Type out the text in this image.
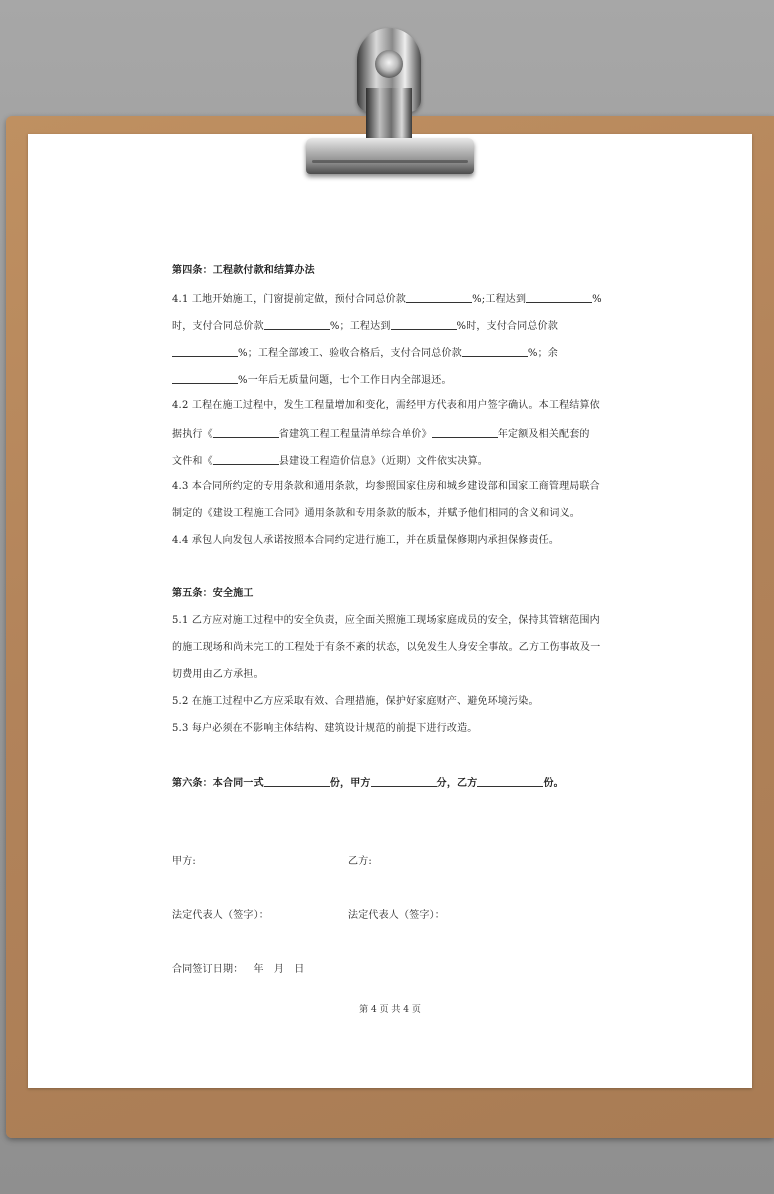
​
第四条：工程款付款和结算办法
4.1 工地开始施工，门窗提前定做，预付合同总价款	%;工程达到	%
时，支付合同总价款	%；工程达到	%时，支付合同总价款
%；工程全部竣工、验收合格后，支付合同总价款	%；余
%一年后无质量问题，七个工作日内全部退还。
4.2 工程在施工过程中，发生工程量增加和变化，需经甲方代表和用户签字确认。本工程结算依
据执行《	省建筑工程工程量清单综合单价》	年定额及相关配套的
文件和《	县建设工程造价信息》（近期）文件依实决算。
4.3 本合同所约定的专用条款和通用条款，均参照国家住房和城乡建设部和国家工商管理局联合
制定的《建设工程施工合同》通用条款和专用条款的版本，并赋予他们相同的含义和词义。
4.4 承包人向发包人承诺按照本合同约定进行施工，并在质量保修期内承担保修责任。
第五条：安全施工
5.1 乙方应对施工过程中的安全负责，应全面关照施工现场家庭成员的安全，保持其管辖范围内
的施工现场和尚未完工的工程处于有条不紊的状态，以免发生人身安全事故。乙方工伤事故及一
切费用由乙方承担。
5.2 在施工过程中乙方应采取有效、合理措施，保护好家庭财产、避免环境污染。
5.3 每户必须在不影响主体结构、建筑设计规范的前提下进行改造。
第六条：本合同一式	份，甲方	分，乙方	份。
甲方:	乙方:
法定代表人（签字）：	法定代表人（签字）：
合同签订日期：   年   月   日
第 4 页 共 4 页
